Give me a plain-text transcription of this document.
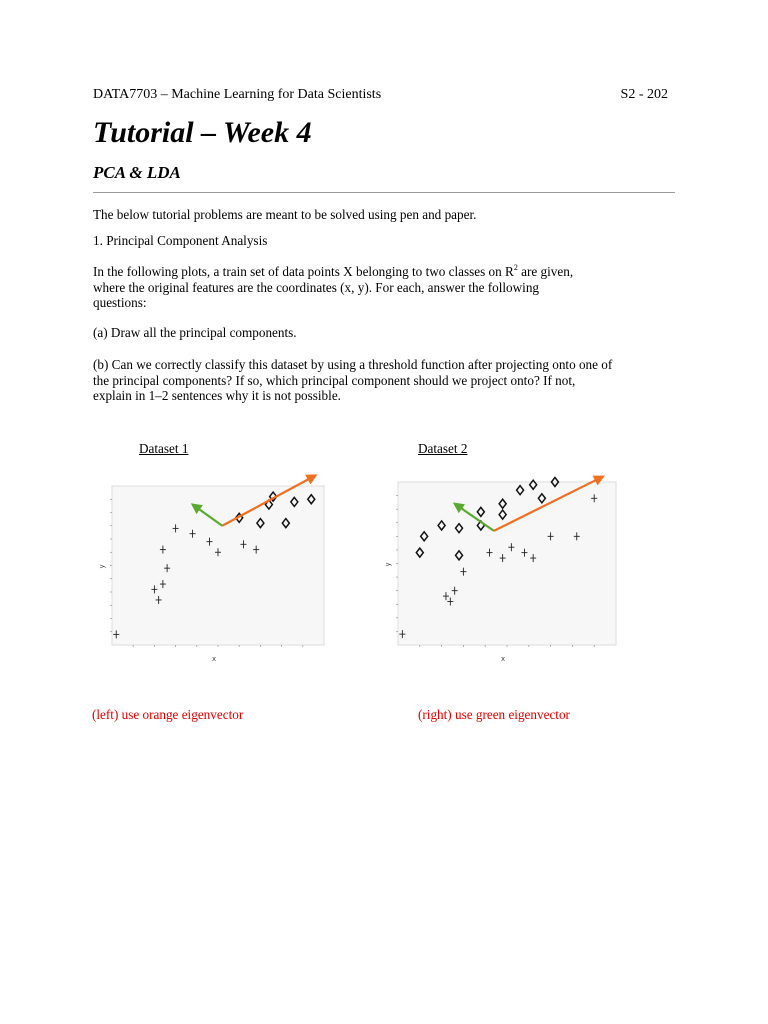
DATA7703 – Machine Learning for Data Scientists	S2 - 202
Tutorial – Week 4
PCA & LDA
The below tutorial problems are meant to be solved using pen and paper.
1. Principal Component Analysis
In the following plots, a train set of data points X belonging to two classes on $R^2$ are given, where the original features are the coordinates (x, y). For each, answer the following questions:
(a) Draw all the principal components.
(b) Can we correctly classify this dataset by using a threshold function after projecting onto one of the principal components? If so, which principal component should we project onto? If not, explain in 1–2 sentences why it is not possible.
Dataset 1	Dataset 2
x
y
x
y
(left) use orange eigenvector	(right) use green eigenvector
